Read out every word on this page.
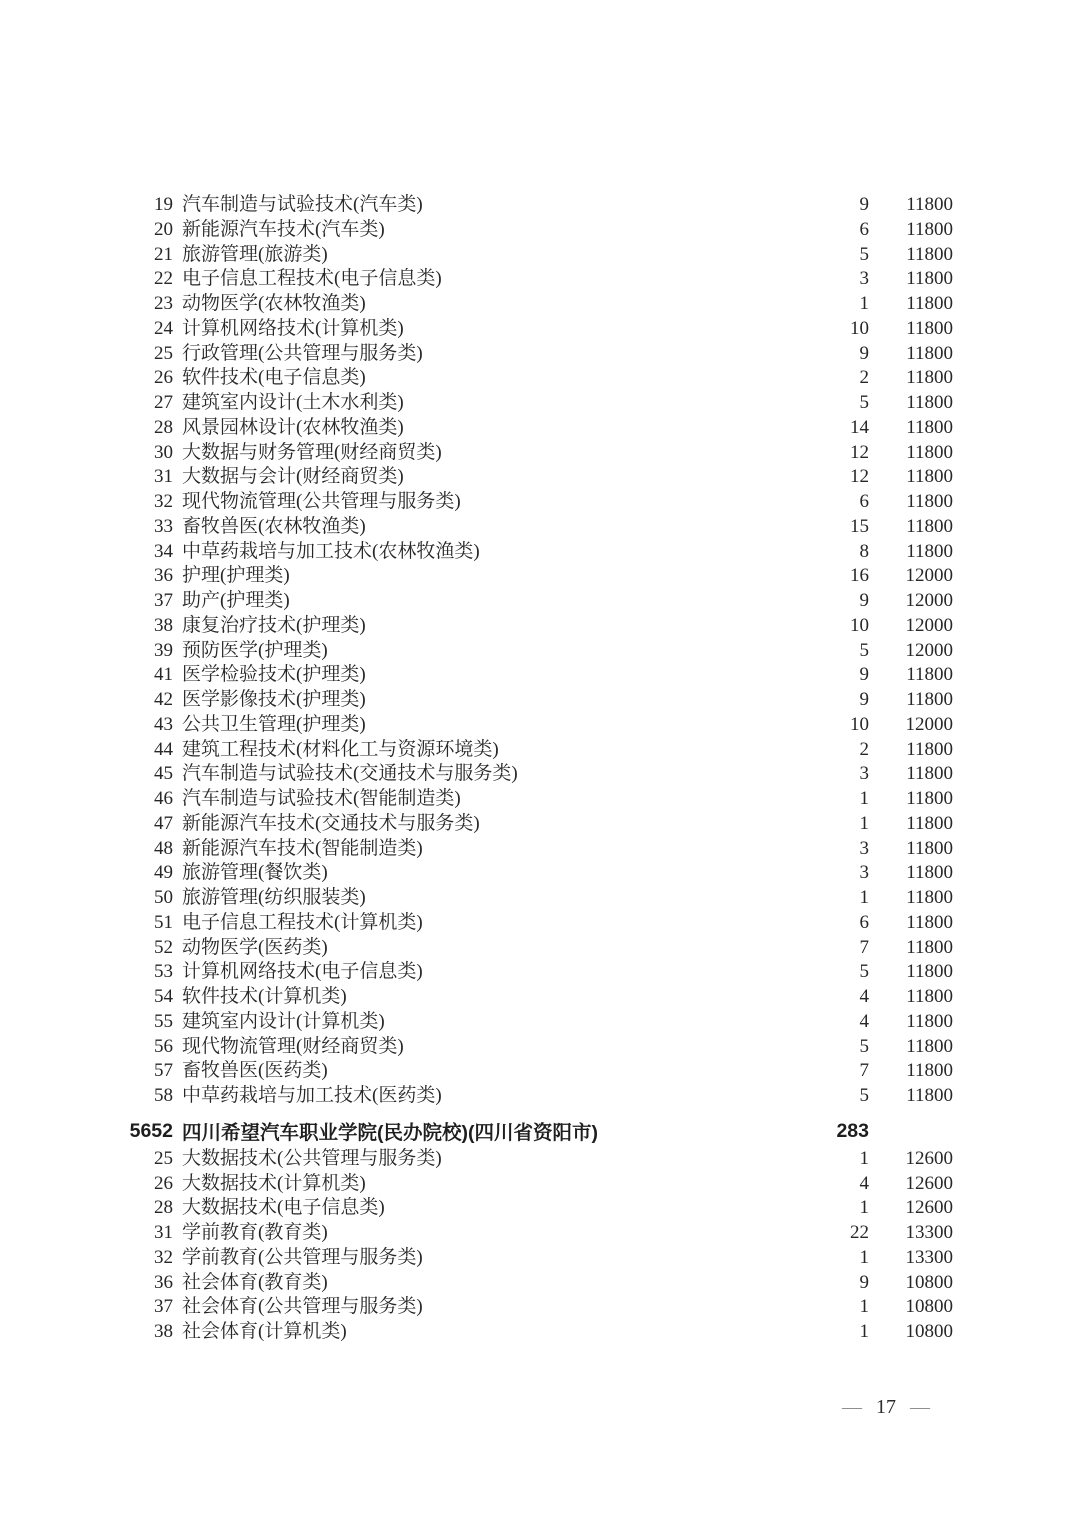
19 汽车制造与试验技术(汽车类)	9	11800
20 新能源汽车技术(汽车类)	6	11800
21 旅游管理(旅游类)	5	11800
22 电子信息工程技术(电子信息类)	3	11800
23 动物医学(农林牧渔类)	1	11800
24 计算机网络技术(计算机类)	10	11800
25 行政管理(公共管理与服务类)	9	11800
26 软件技术(电子信息类)	2	11800
27 建筑室内设计(土木水利类)	5	11800
28 风景园林设计(农林牧渔类)	14	11800
30 大数据与财务管理(财经商贸类)	12	11800
31 大数据与会计(财经商贸类)	12	11800
32 现代物流管理(公共管理与服务类)	6	11800
33 畜牧兽医(农林牧渔类)	15	11800
34 中草药栽培与加工技术(农林牧渔类)	8	11800
36 护理(护理类)	16	12000
37 助产(护理类)	9	12000
38 康复治疗技术(护理类)	10	12000
39 预防医学(护理类)	5	12000
41 医学检验技术(护理类)	9	11800
42 医学影像技术(护理类)	9	11800
43 公共卫生管理(护理类)	10	12000
44 建筑工程技术(材料化工与资源环境类)	2	11800
45 汽车制造与试验技术(交通技术与服务类)	3	11800
46 汽车制造与试验技术(智能制造类)	1	11800
47 新能源汽车技术(交通技术与服务类)	1	11800
48 新能源汽车技术(智能制造类)	3	11800
49 旅游管理(餐饮类)	3	11800
50 旅游管理(纺织服装类)	1	11800
51 电子信息工程技术(计算机类)	6	11800
52 动物医学(医药类)	7	11800
53 计算机网络技术(电子信息类)	5	11800
54 软件技术(计算机类)	4	11800
55 建筑室内设计(计算机类)	4	11800
56 现代物流管理(财经商贸类)	5	11800
57 畜牧兽医(医药类)	7	11800
58 中草药栽培与加工技术(医药类)	5	11800
5652 四川希望汽车职业学院(民办院校)(四川省资阳市)	283
25 大数据技术(公共管理与服务类)	1	12600
26 大数据技术(计算机类)	4	12600
28 大数据技术(电子信息类)	1	12600
31 学前教育(教育类)	22	13300
32 学前教育(公共管理与服务类)	1	13300
36 社会体育(教育类)	9	10800
37 社会体育(公共管理与服务类)	1	10800
38 社会体育(计算机类)	1	10800
— 17 —
